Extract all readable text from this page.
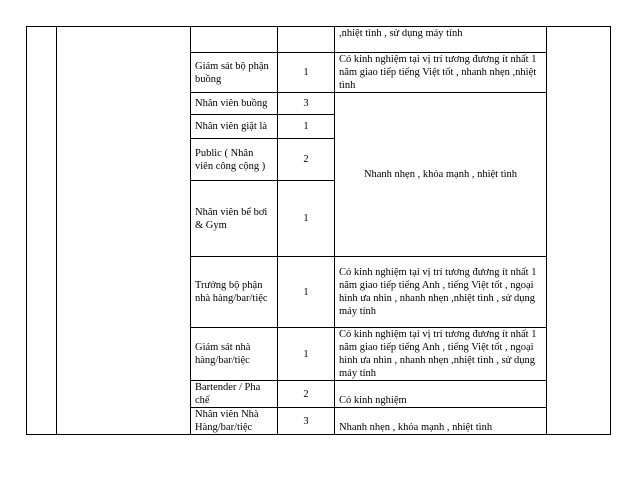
				,nhiệt tình , sử dụng máy tính	
		Giám sát bộ phận buồng	1	Có kinh nghiệm tại vị trí tương đương ít nhất 1 năm giao tiếp tiếng Việt tốt , nhanh nhẹn ,nhiệt tình	
		Nhân viên buồng	3	Nhanh nhẹn , khỏa mạnh , nhiệt tình	
		Nhân viên giặt là	1		
		Public ( Nhân viên công cộng )	2		
		Nhân viên bể bơi & Gym	1		
		Trưởng bộ phận nhà hàng/bar/tiệc	1	Có kinh nghiệm tại vị trí tương đương ít nhất 1 năm giao tiếp tiếng Anh , tiếng Việt tốt , ngoại hình ưa nhìn , nhanh nhẹn ,nhiệt tình , sử dụng máy tính	
		Giám sát nhà hàng/bar/tiệc	1	Có kinh nghiệm tại vị trí tương đương ít nhất 1 năm giao tiếp tiếng Anh , tiếng Việt tốt , ngoại hình ưa nhìn , nhanh nhẹn ,nhiệt tình , sử dụng máy tính	
		Bartender / Pha chế	2	Có kinh nghiệm	
		Nhân viên Nhà Hàng/bar/tiệc	3	Nhanh nhẹn , khỏa mạnh , nhiệt tình	
